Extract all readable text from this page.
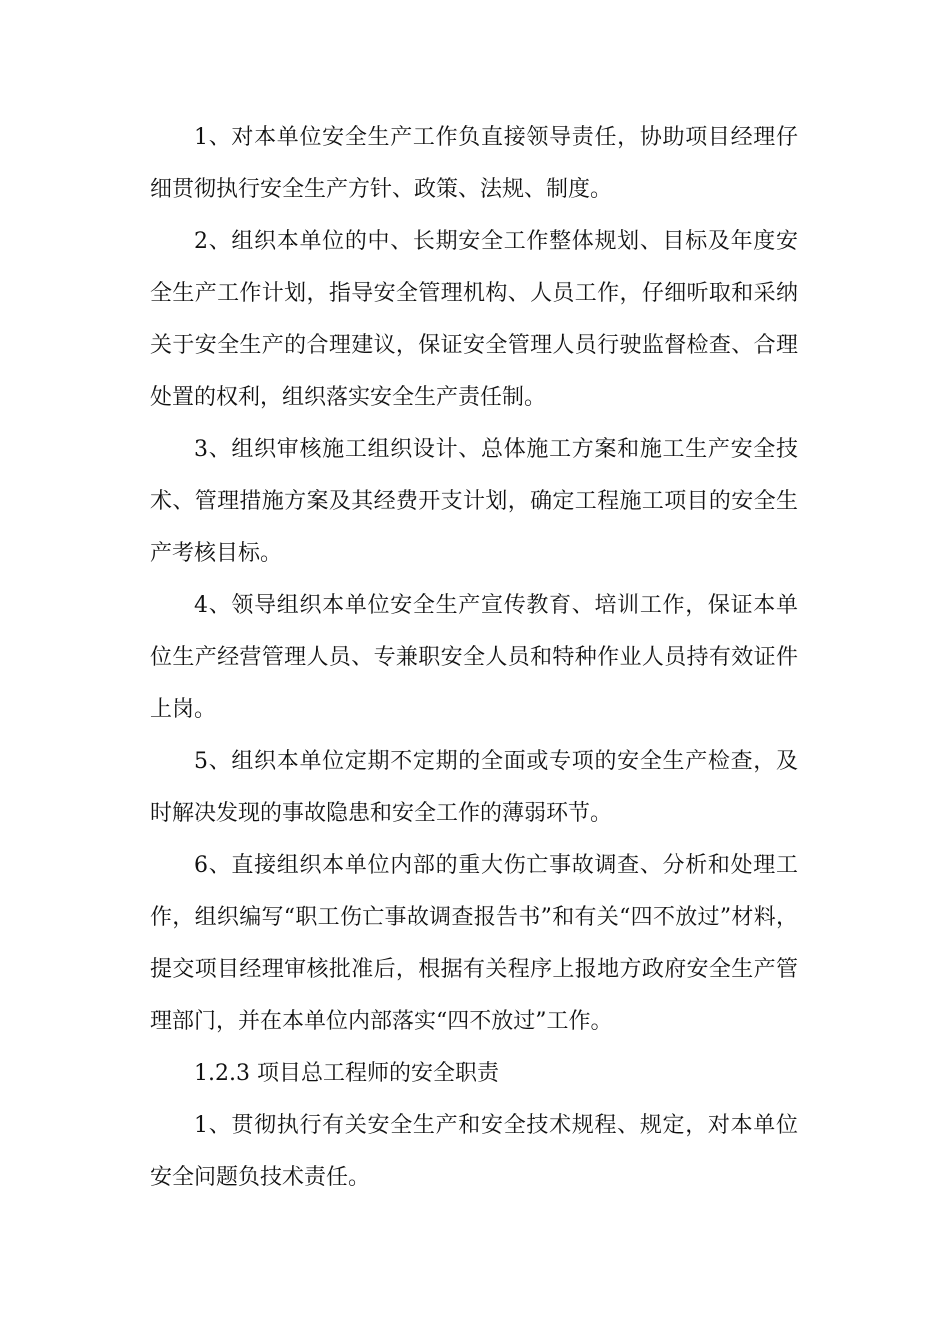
1、对本单位安全生产工作负直接领导责任，协助项目经理仔细贯彻执行安全生产方针、政策、法规、制度。

2、组织本单位的中、长期安全工作整体规划、目标及年度安全生产工作计划，指导安全管理机构、人员工作，仔细听取和采纳关于安全生产的合理建议，保证安全管理人员行驶监督检查、合理处置的权利，组织落实安全生产责任制。

3、组织审核施工组织设计、总体施工方案和施工生产安全技术、管理措施方案及其经费开支计划，确定工程施工项目的安全生产考核目标。

4、领导组织本单位安全生产宣传教育、培训工作，保证本单位生产经营管理人员、专兼职安全人员和特种作业人员持有效证件上岗。

5、组织本单位定期不定期的全面或专项的安全生产检查，及时解决发现的事故隐患和安全工作的薄弱环节。

6、直接组织本单位内部的重大伤亡事故调查、分析和处理工作，组织编写“职工伤亡事故调查报告书”和有关“四不放过”材料，提交项目经理审核批准后，根据有关程序上报地方政府安全生产管理部门，并在本单位内部落实“四不放过”工作。

1.2.3 项目总工程师的安全职责

1、贯彻执行有关安全生产和安全技术规程、规定，对本单位安全问题负技术责任。
